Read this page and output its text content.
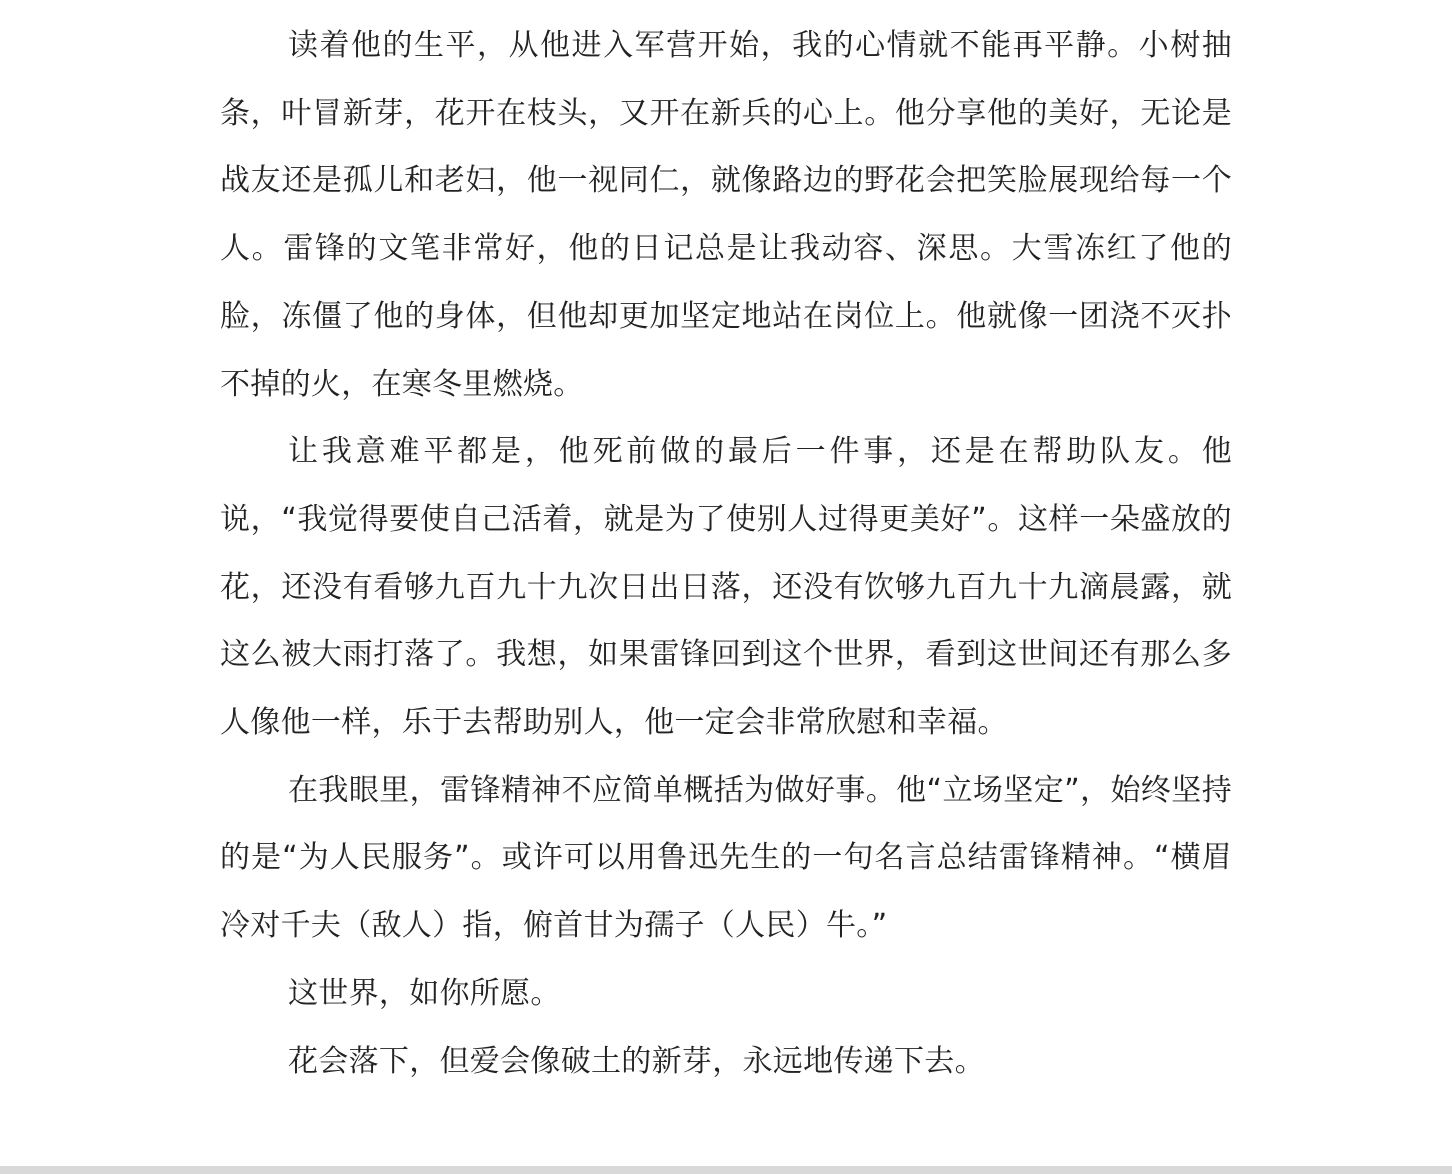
读着他的生平，从他进入军营开始，我的心情就不能再平静。小树抽条，叶冒新芽，花开在枝头，又开在新兵的心上。他分享他的美好，无论是战友还是孤儿和老妇，他一视同仁，就像路边的野花会把笑脸展现给每一个人。雷锋的文笔非常好，他的日记总是让我动容、深思。大雪冻红了他的脸，冻僵了他的身体，但他却更加坚定地站在岗位上。他就像一团浇不灭扑不掉的火，在寒冬里燃烧。

让我意难平都是，他死前做的最后一件事，还是在帮助队友。他说，“我觉得要使自己活着，就是为了使别人过得更美好”。这样一朵盛放的花，还没有看够九百九十九次日出日落，还没有饮够九百九十九滴晨露，就这么被大雨打落了。我想，如果雷锋回到这个世界，看到这世间还有那么多人像他一样，乐于去帮助别人，他一定会非常欣慰和幸福。

在我眼里，雷锋精神不应简单概括为做好事。他“立场坚定”，始终坚持的是“为人民服务”。或许可以用鲁迅先生的一句名言总结雷锋精神。“横眉冷对千夫（敌人）指，俯首甘为孺子（人民）牛。”

这世界，如你所愿。

花会落下，但爱会像破土的新芽，永远地传递下去。
